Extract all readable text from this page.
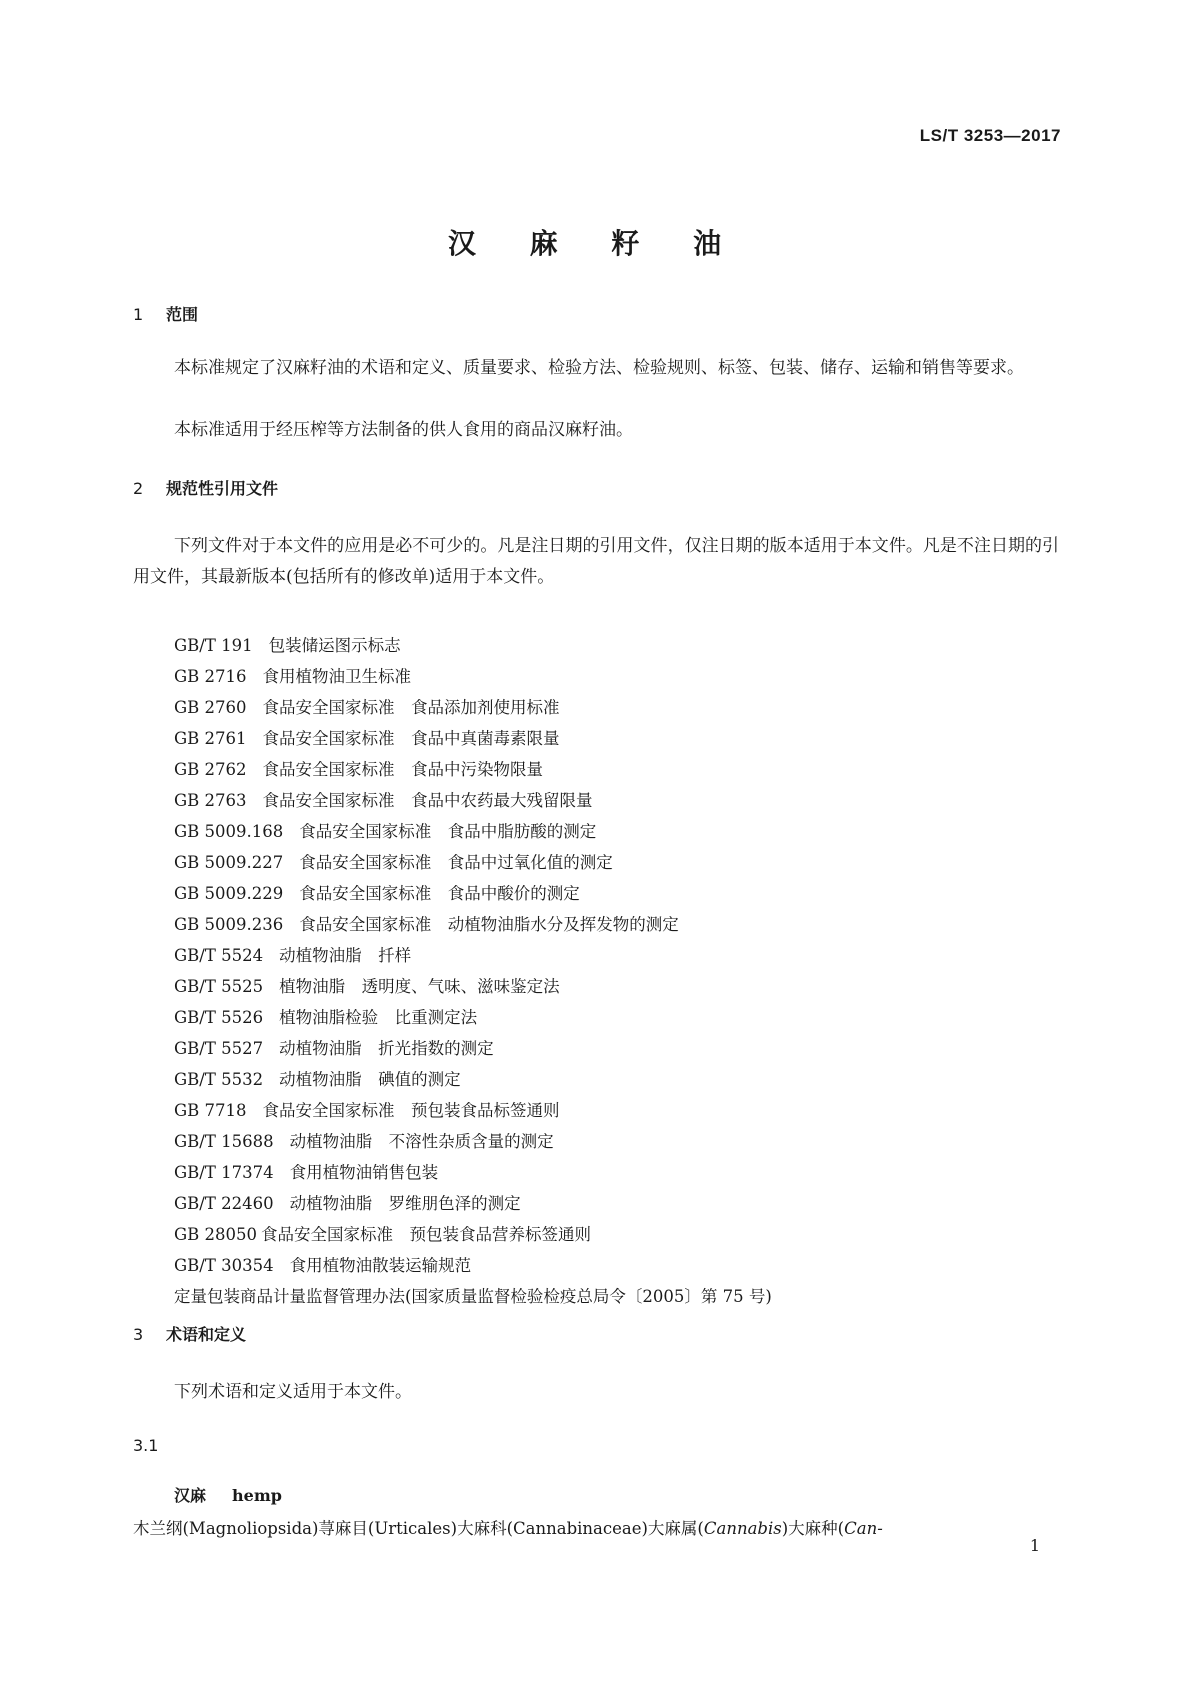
LS/T 3253—2017
汉 麻 籽 油
1 范围

本标准规定了汉麻籽油的术语和定义、质量要求、检验方法、检验规则、标签、包装、储存、运输和销售等要求。

本标准适用于经压榨等方法制备的供人食用的商品汉麻籽油。

2 规范性引用文件

下列文件对于本文件的应用是必不可少的。凡是注日期的引用文件，仅注日期的版本适用于本文件。凡是不注日期的引用文件，其最新版本(包括所有的修改单)适用于本文件。

GB/T 191 包装储运图示标志
GB 2716 食用植物油卫生标准
GB 2760 食品安全国家标准　食品添加剂使用标准
GB 2761 食品安全国家标准　食品中真菌毒素限量
GB 2762 食品安全国家标准　食品中污染物限量
GB 2763 食品安全国家标准　食品中农药最大残留限量
GB 5009.168 食品安全国家标准　食品中脂肪酸的测定
GB 5009.227 食品安全国家标准　食品中过氧化值的测定
GB 5009.229 食品安全国家标准　食品中酸价的测定
GB 5009.236 食品安全国家标准　动植物油脂水分及挥发物的测定
GB/T 5524 动植物油脂　扦样
GB/T 5525 植物油脂　透明度、气味、滋味鉴定法
GB/T 5526 植物油脂检验　比重测定法
GB/T 5527 动植物油脂　折光指数的测定
GB/T 5532 动植物油脂　碘值的测定
GB 7718 食品安全国家标准　预包装食品标签通则
GB/T 15688 动植物油脂　不溶性杂质含量的测定
GB/T 17374 食用植物油销售包装
GB/T 22460 动植物油脂　罗维朋色泽的测定
GB 28050 食品安全国家标准　预包装食品营养标签通则
GB/T 30354 食用植物油散装运输规范
定量包装商品计量监督管理办法(国家质量监督检验检疫总局令〔2005〕第 75 号)
3 术语和定义

下列术语和定义适用于本文件。

3.1
汉麻 hemp

木兰纲(Magnoliopsida)荨麻目(Urticales)大麻科(Cannabinaceae)大麻属(Cannabis)大麻种(Can-

1
